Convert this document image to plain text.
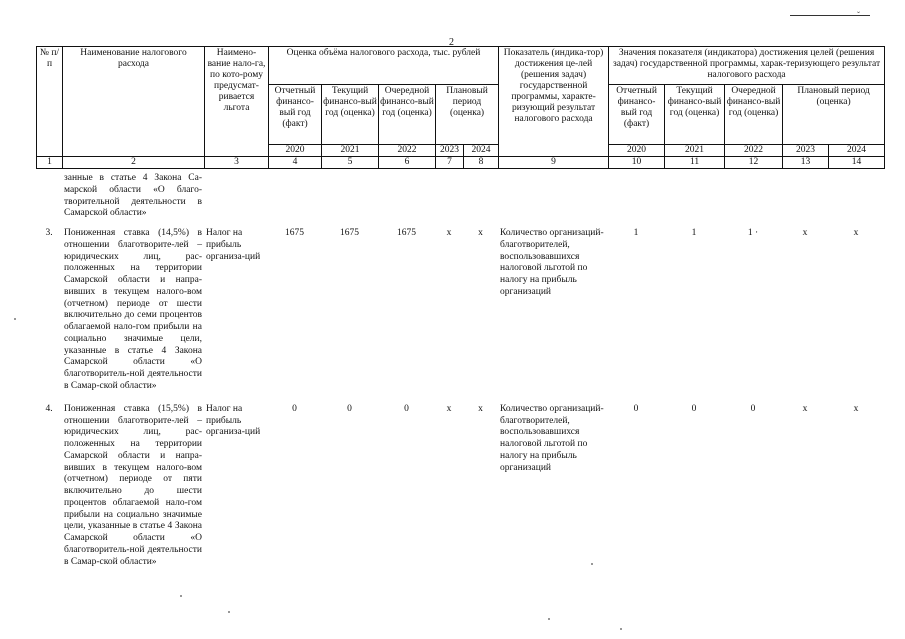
ˇ
2
№ п/п	Наименование налогового расхода	Наимено-вание нало-га, по кото-рому предусмат-ривается льгота	Оценка объёма налогового расхода, тыс. рублей					Показатель (индика-тор) достижения це-лей (решения задач) государственной программы, характе-ризующий результат налогового расхода	Значения показателя (индикатора) достижения целей (решения задач) государственной программы, харак-теризующего результат налогового расхода				
			Отчетный финансо-вый год (факт)	Текущий финансо-вый год (оценка)	Очередной финансо-вый год (оценка)	Плановый период (оценка)			Отчетный финансо-вый год (факт)	Текущий финансо-вый год (оценка)	Очередной финансо-вый год (оценка)	Плановый период (оценка)	
			2020	2021	2022	2023	2024		2020	2021	2022	2023	2024
1	2	3	4	5	6	7	8	9	10	11	12	13	14
	занные в статье 4 Закона Са-марской области «О благо-творительной деятельности в Самарской области»												
3.	Пониженная ставка (14,5%) в отношении благотворите-лей – юридических лиц, рас-положенных на территории Самарской области и напра-вивших в текущем налого-вом (отчетном) периоде от шести включительно до семи процентов облагаемой нало-гом прибыли на социально значимые цели, указанные в статье 4 Закона Самарской области «О благотворитель-ной деятельности в Самар-ской области»	Налог на прибыль организа-ций	1675	1675	1675	x	x	Количество организаций-благотворителей, воспользовавшихся налоговой льготой по налогу на прибыль организаций	1	1	1 ·	x	x
4.	Пониженная ставка (15,5%) в отношении благотворите-лей – юридических лиц, рас-положенных на территории Самарской области и напра-вивших в текущем налого-вом (отчетном) периоде от пяти включительно до шести процентов облагаемой нало-гом прибыли на социально значимые цели, указанные в статье 4 Закона Самарской области «О благотворитель-ной деятельности в Самар-ской области»	Налог на прибыль организа-ций	0	0	0	x	x	Количество организаций-благотворителей, воспользовавшихся налоговой льготой по налогу на прибыль организаций	0	0	0	x	x
